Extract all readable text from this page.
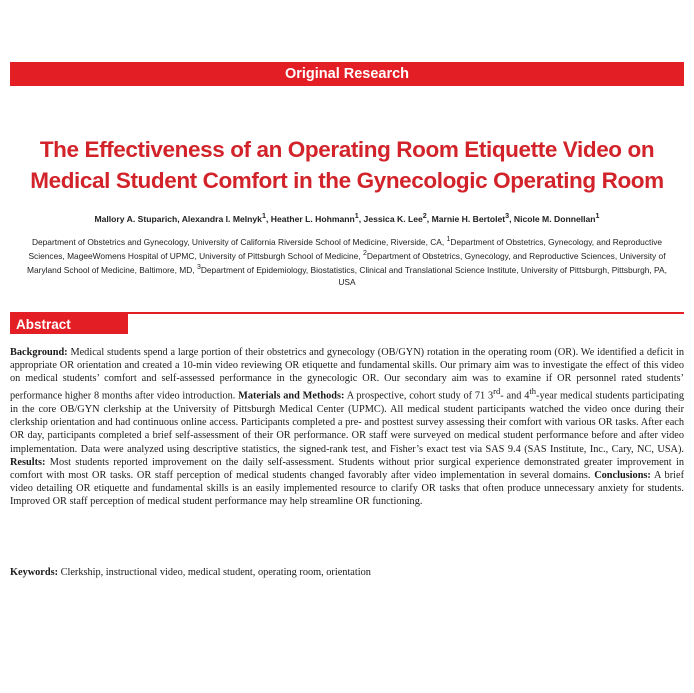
Original Research
The Effectiveness of an Operating Room Etiquette Video on
Medical Student Comfort in the Gynecologic Operating Room
Mallory A. Stuparich, Alexandra I. Melnyk$^1$, Heather L. Hohmann$^1$, Jessica K. Lee$^2$, Marnie H. Bertolet$^3$, Nicole M. Donnellan$^1$
Department of Obstetrics and Gynecology, University of California Riverside School of Medicine, Riverside, CA, $^1$Department of Obstetrics, Gynecology, and Reproductive Sciences, MageeWomens Hospital of UPMC, University of Pittsburgh School of Medicine, $^2$Department of Obstetrics, Gynecology, and Reproductive Sciences, University of Maryland School of Medicine, Baltimore, MD, $^3$Department of Epidemiology, Biostatistics, Clinical and Translational Science Institute, University of Pittsburgh, Pittsburgh, PA, USA
Abstract
Background: Medical students spend a large portion of their obstetrics and gynecology (OB/GYN) rotation in the operating room (OR). We identified a deficit in appropriate OR orientation and created a 10-min video reviewing OR etiquette and fundamental skills. Our primary aim was to investigate the effect of this video on medical students’ comfort and self-assessed performance in the gynecologic OR. Our secondary aim was to examine if OR personnel rated students’ performance higher 8 months after video introduction. Materials and Methods: A prospective, cohort study of 71 3rd- and 4th-year medical students participating in the core OB/GYN clerkship at the University of Pittsburgh Medical Center (UPMC). All medical student participants watched the video once during their clerkship orientation and had continuous online access. Participants completed a pre- and posttest survey assessing their comfort with various OR tasks. After each OR day, participants completed a brief self-assessment of their OR performance. OR staff were surveyed on medical student performance before and after video implementation. Data were analyzed using descriptive statistics, the signed-rank test, and Fisher’s exact test via SAS 9.4 (SAS Institute, Inc., Cary, NC, USA). Results: Most students reported improvement on the daily self-assessment. Students without prior surgical experience demonstrated greater improvement in comfort with most OR tasks. OR staff perception of medical students changed favorably after video implementation in several domains. Conclusions: A brief video detailing OR etiquette and fundamental skills is an easily implemented resource to clarify OR tasks that often produce unnecessary anxiety for students. Improved OR staff perception of medical student performance may help streamline OR functioning.
Keywords: Clerkship, instructional video, medical student, operating room, orientation
